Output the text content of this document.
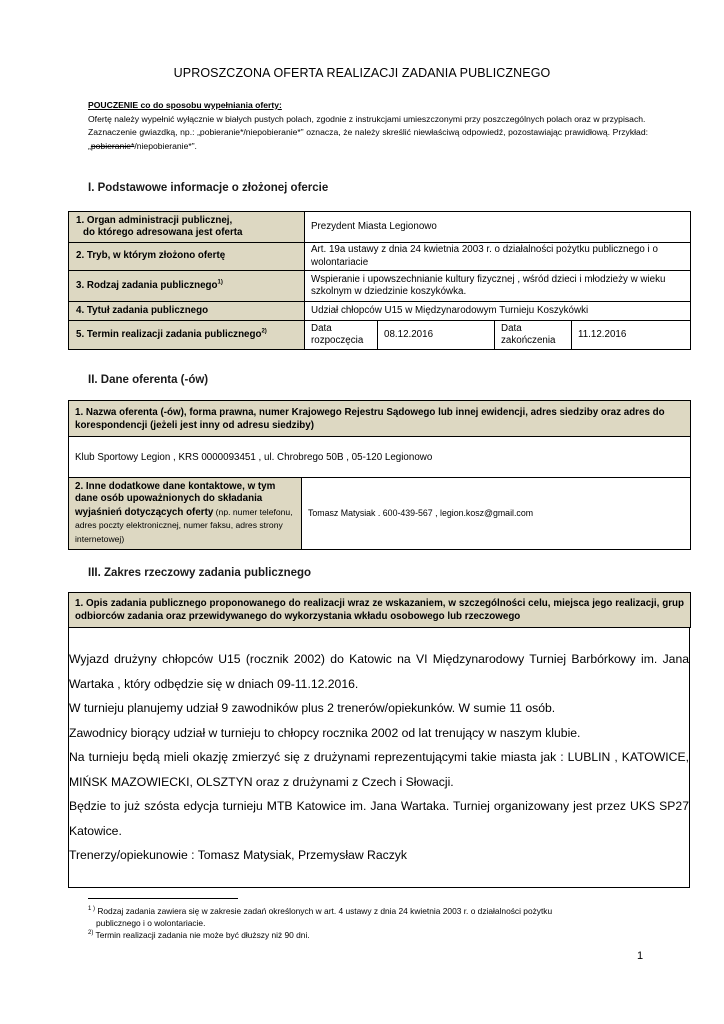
UPROSZCZONA OFERTA REALIZACJI ZADANIA PUBLICZNEGO
POUCZENIE co do sposobu wypełniania oferty:
Ofertę należy wypełnić wyłącznie w białych pustych polach, zgodnie z instrukcjami umieszczonymi przy poszczególnych polach oraz w przypisach.
Zaznaczenie gwiazdką, np.: „pobieranie*/niepobieranie*” oznacza, że należy skreślić niewłaściwą odpowiedź, pozostawiając prawidłową. Przykład: „pobieranie*/niepobieranie*”.
I. Podstawowe informacje o złożonej ofercie
1. Organ administracji publicznej,
do którego adresowana jest oferta	Prezydent Miasta Legionowo			
2. Tryb, w którym złożono ofertę	Art. 19a ustawy z dnia 24 kwietnia 2003 r. o działalności pożytku publicznego i o wolontariacie			
3. Rodzaj zadania publicznego$^{1)}$	Wspieranie i upowszechnianie kultury fizycznej , wśród dzieci i młodzieży w wieku szkolnym w dziedzinie koszykówka.			
4. Tytuł zadania publicznego	Udział chłopców U15 w Międzynarodowym Turnieju Koszykówki			
5. Termin realizacji zadania publicznego$^{2)}$	Data rozpoczęcia	08.12.2016	Data zakończenia	11.12.2016
II. Dane oferenta (-ów)
1. Nazwa oferenta (-ów), forma prawna, numer Krajowego Rejestru Sądowego lub innej ewidencji, adres siedziby oraz adres do korespondencji (jeżeli jest inny od adresu siedziby)
Klub Sportowy Legion , KRS 0000093451 , ul. Chrobrego 50B , 05-120 Legionowo
2. Inne dodatkowe dane kontaktowe, w tym dane osób upoważnionych do składania wyjaśnień dotyczących oferty (np. numer telefonu, adres poczty elektronicznej, numer faksu, adres strony internetowej)	Tomasz Matysiak . 600-439-567 , legion.kosz@gmail.com
III. Zakres rzeczowy zadania publicznego
1. Opis zadania publicznego proponowanego do realizacji wraz ze wskazaniem, w szczególności celu, miejsca jego realizacji, grup odbiorców zadania oraz przewidywanego do wykorzystania wkładu osobowego lub rzeczowego

Wyjazd drużyny chłopców U15 (rocznik 2002) do Katowic na VI Międzynarodowy Turniej Barbórkowy im. Jana Wartaka , który odbędzie się w dniach 09-11.12.2016.

W turnieju planujemy udział 9 zawodników plus 2 trenerów/opiekunków. W sumie 11 osób.

Zawodnicy biorący udział w turnieju to chłopcy rocznika 2002 od lat trenujący w naszym klubie.

Na turnieju będą mieli okazję zmierzyć się z drużynami reprezentującymi takie miasta jak : LUBLIN , KATOWICE, MIŃSK MAZOWIECKI, OLSZTYN oraz z drużynami z Czech i Słowacji.

Będzie to już szósta edycja turnieju MTB Katowice im. Jana Wartaka. Turniej organizowany jest przez UKS SP27 Katowice.

Trenerzy/opiekunowie : Tomasz Matysiak, Przemysław Raczyk

$^{1 )}$ Rodzaj zadania zawiera się w zakresie zadań określonych w art. 4 ustawy z dnia 24 kwietnia 2003 r. o działalności pożytku
publicznego i o wolontariacie.
$^{2)}$ Termin realizacji zadania nie może być dłuższy niż 90 dni.
1
